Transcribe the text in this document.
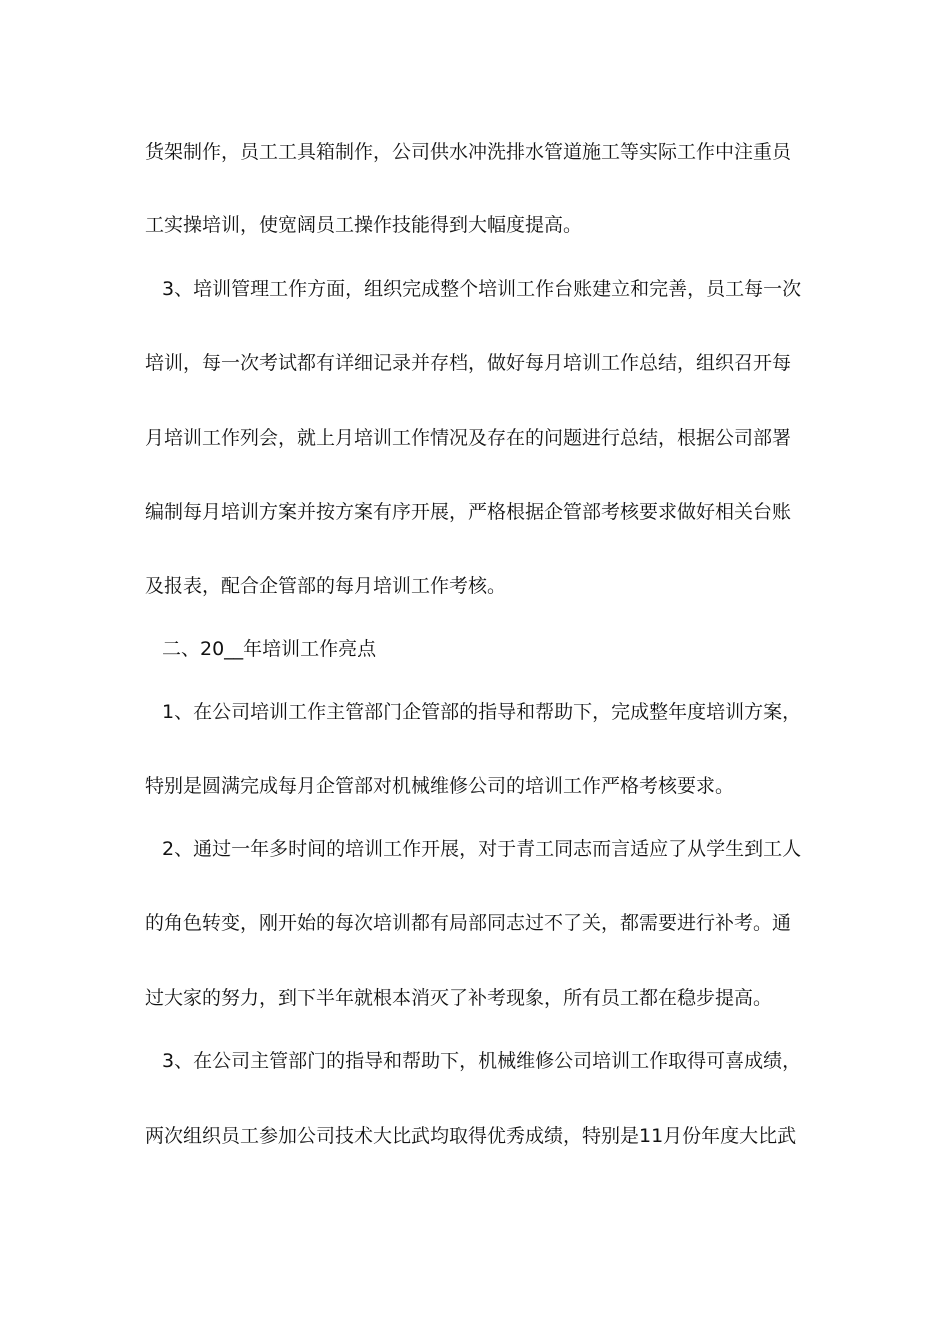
货架制作，员工工具箱制作，公司供水冲洗排水管道施工等实际工作中注重员
工实操培训，使宽阔员工操作技能得到大幅度提高。
3、培训管理工作方面，组织完成整个培训工作台账建立和完善，员工每一次
培训，每一次考试都有详细记录并存档，做好每月培训工作总结，组织召开每
月培训工作列会，就上月培训工作情况及存在的问题进行总结，根据公司部署
编制每月培训方案并按方案有序开展，严格根据企管部考核要求做好相关台账
及报表，配合企管部的每月培训工作考核。
二、20__年培训工作亮点
1、在公司培训工作主管部门企管部的指导和帮助下，完成整年度培训方案，
特别是圆满完成每月企管部对机械维修公司的培训工作严格考核要求。
2、通过一年多时间的培训工作开展，对于青工同志而言适应了从学生到工人
的角色转变，刚开始的每次培训都有局部同志过不了关，都需要进行补考。通
过大家的努力，到下半年就根本消灭了补考现象，所有员工都在稳步提高。
3、在公司主管部门的指导和帮助下，机械维修公司培训工作取得可喜成绩，
两次组织员工参加公司技术大比武均取得优秀成绩，特别是11月份年度大比武
